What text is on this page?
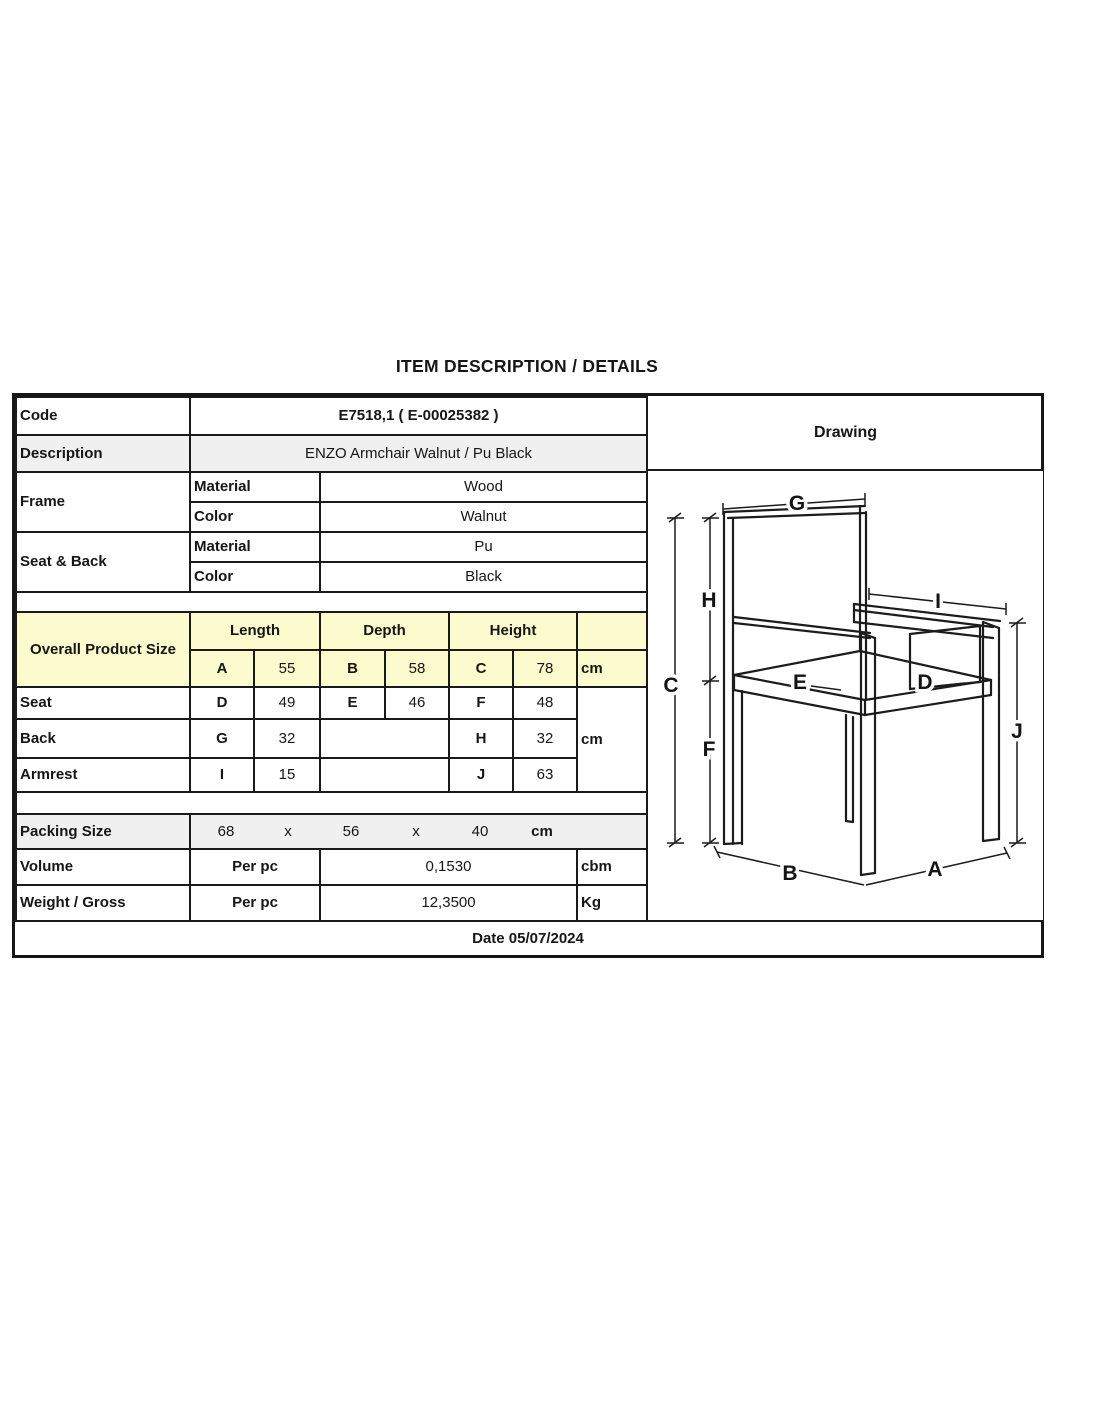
ITEM DESCRIPTION / DETAILS
Code	E7518,1 ( E-00025382 )						
Description	ENZO Armchair Walnut / Pu Black						
Frame	Material		Wood				
	Color		Walnut				
Seat & Back	Material		Pu				
	Color		Black				

Overall Product Size	Length		Depth		Height		
	A	55	B	58	C	78	cm
Seat	D	49	E	46	F	48	cm
Back	G	32			H	32	
Armrest	I	15			J	63	

Packing Size	68	x	56	x	40	cm

Volume	Per pc		0,1530				cbm
Weight / Gross	Per pc		12,3500				Kg
Drawing
C
H
F
J
G
I
E	D
B	A
Date 05/07/2024
